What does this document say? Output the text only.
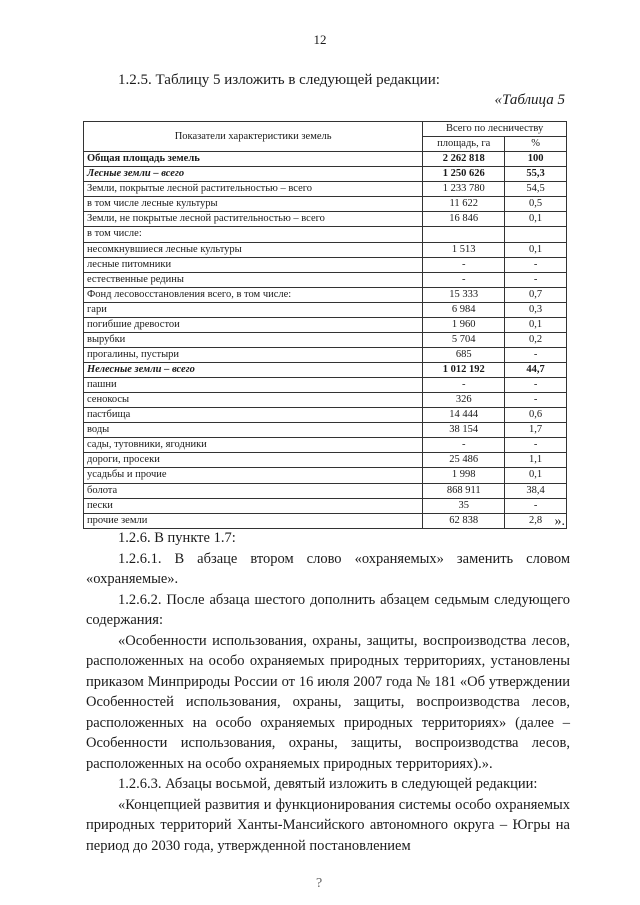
12
1.2.5. Таблицу 5 изложить в следующей редакции:
«Таблица 5
Показатели характеристики земель	Всего по лесничеству	
	площадь, га	%
Общая площадь земель	2 262 818	100
Лесные земли – всего	1 250 626	55,3
Земли, покрытые лесной растительностью – всего	1 233 780	54,5
в том числе лесные культуры	11 622	0,5
Земли, не покрытые лесной растительностью – всего	16 846	0,1
в том числе:		
несомкнувшиеся лесные культуры	1 513	0,1
лесные питомники	-	-
естественные редины	-	-
Фонд лесовосстановления всего, в том числе:	15 333	0,7
гари	6 984	0,3
погибшие древостои	1 960	0,1
вырубки	5 704	0,2
прогалины, пустыри	685	-
Нелесные земли – всего	1 012 192	44,7
пашни	-	-
сенокосы	326	-
пастбища	14 444	0,6
воды	38 154	1,7
сады, тутовники, ягодники	-	-
дороги, просеки	25 486	1,1
усадьбы и прочие	1 998	0,1
болота	868 911	38,4
пески	35	-
прочие земли	62 838	2,8 ».

1.2.6. В пункте 1.7:

1.2.6.1. В абзаце втором слово «охраняемых» заменить словом «охраняемые».

1.2.6.2. После абзаца шестого дополнить абзацем седьмым следующего содержания:

«Особенности использования, охраны, защиты, воспроизводства лесов, расположенных на особо охраняемых природных территориях, установлены приказом Минприроды России от 16 июля 2007 года № 181 «Об утверждении Особенностей использования, охраны, защиты, воспроизводства лесов, расположенных на особо охраняемых природных территориях» (далее – Особенности использования, охраны, защиты, воспроизводства лесов, расположенных на особо охраняемых природных территориях).».

1.2.6.3. Абзацы восьмой, девятый изложить в следующей редакции:

«Концепцией развития и функционирования системы особо охраняемых природных территорий Ханты-Мансийского автономного округа – Югры на период до 2030 года, утвержденной постановлением

?
